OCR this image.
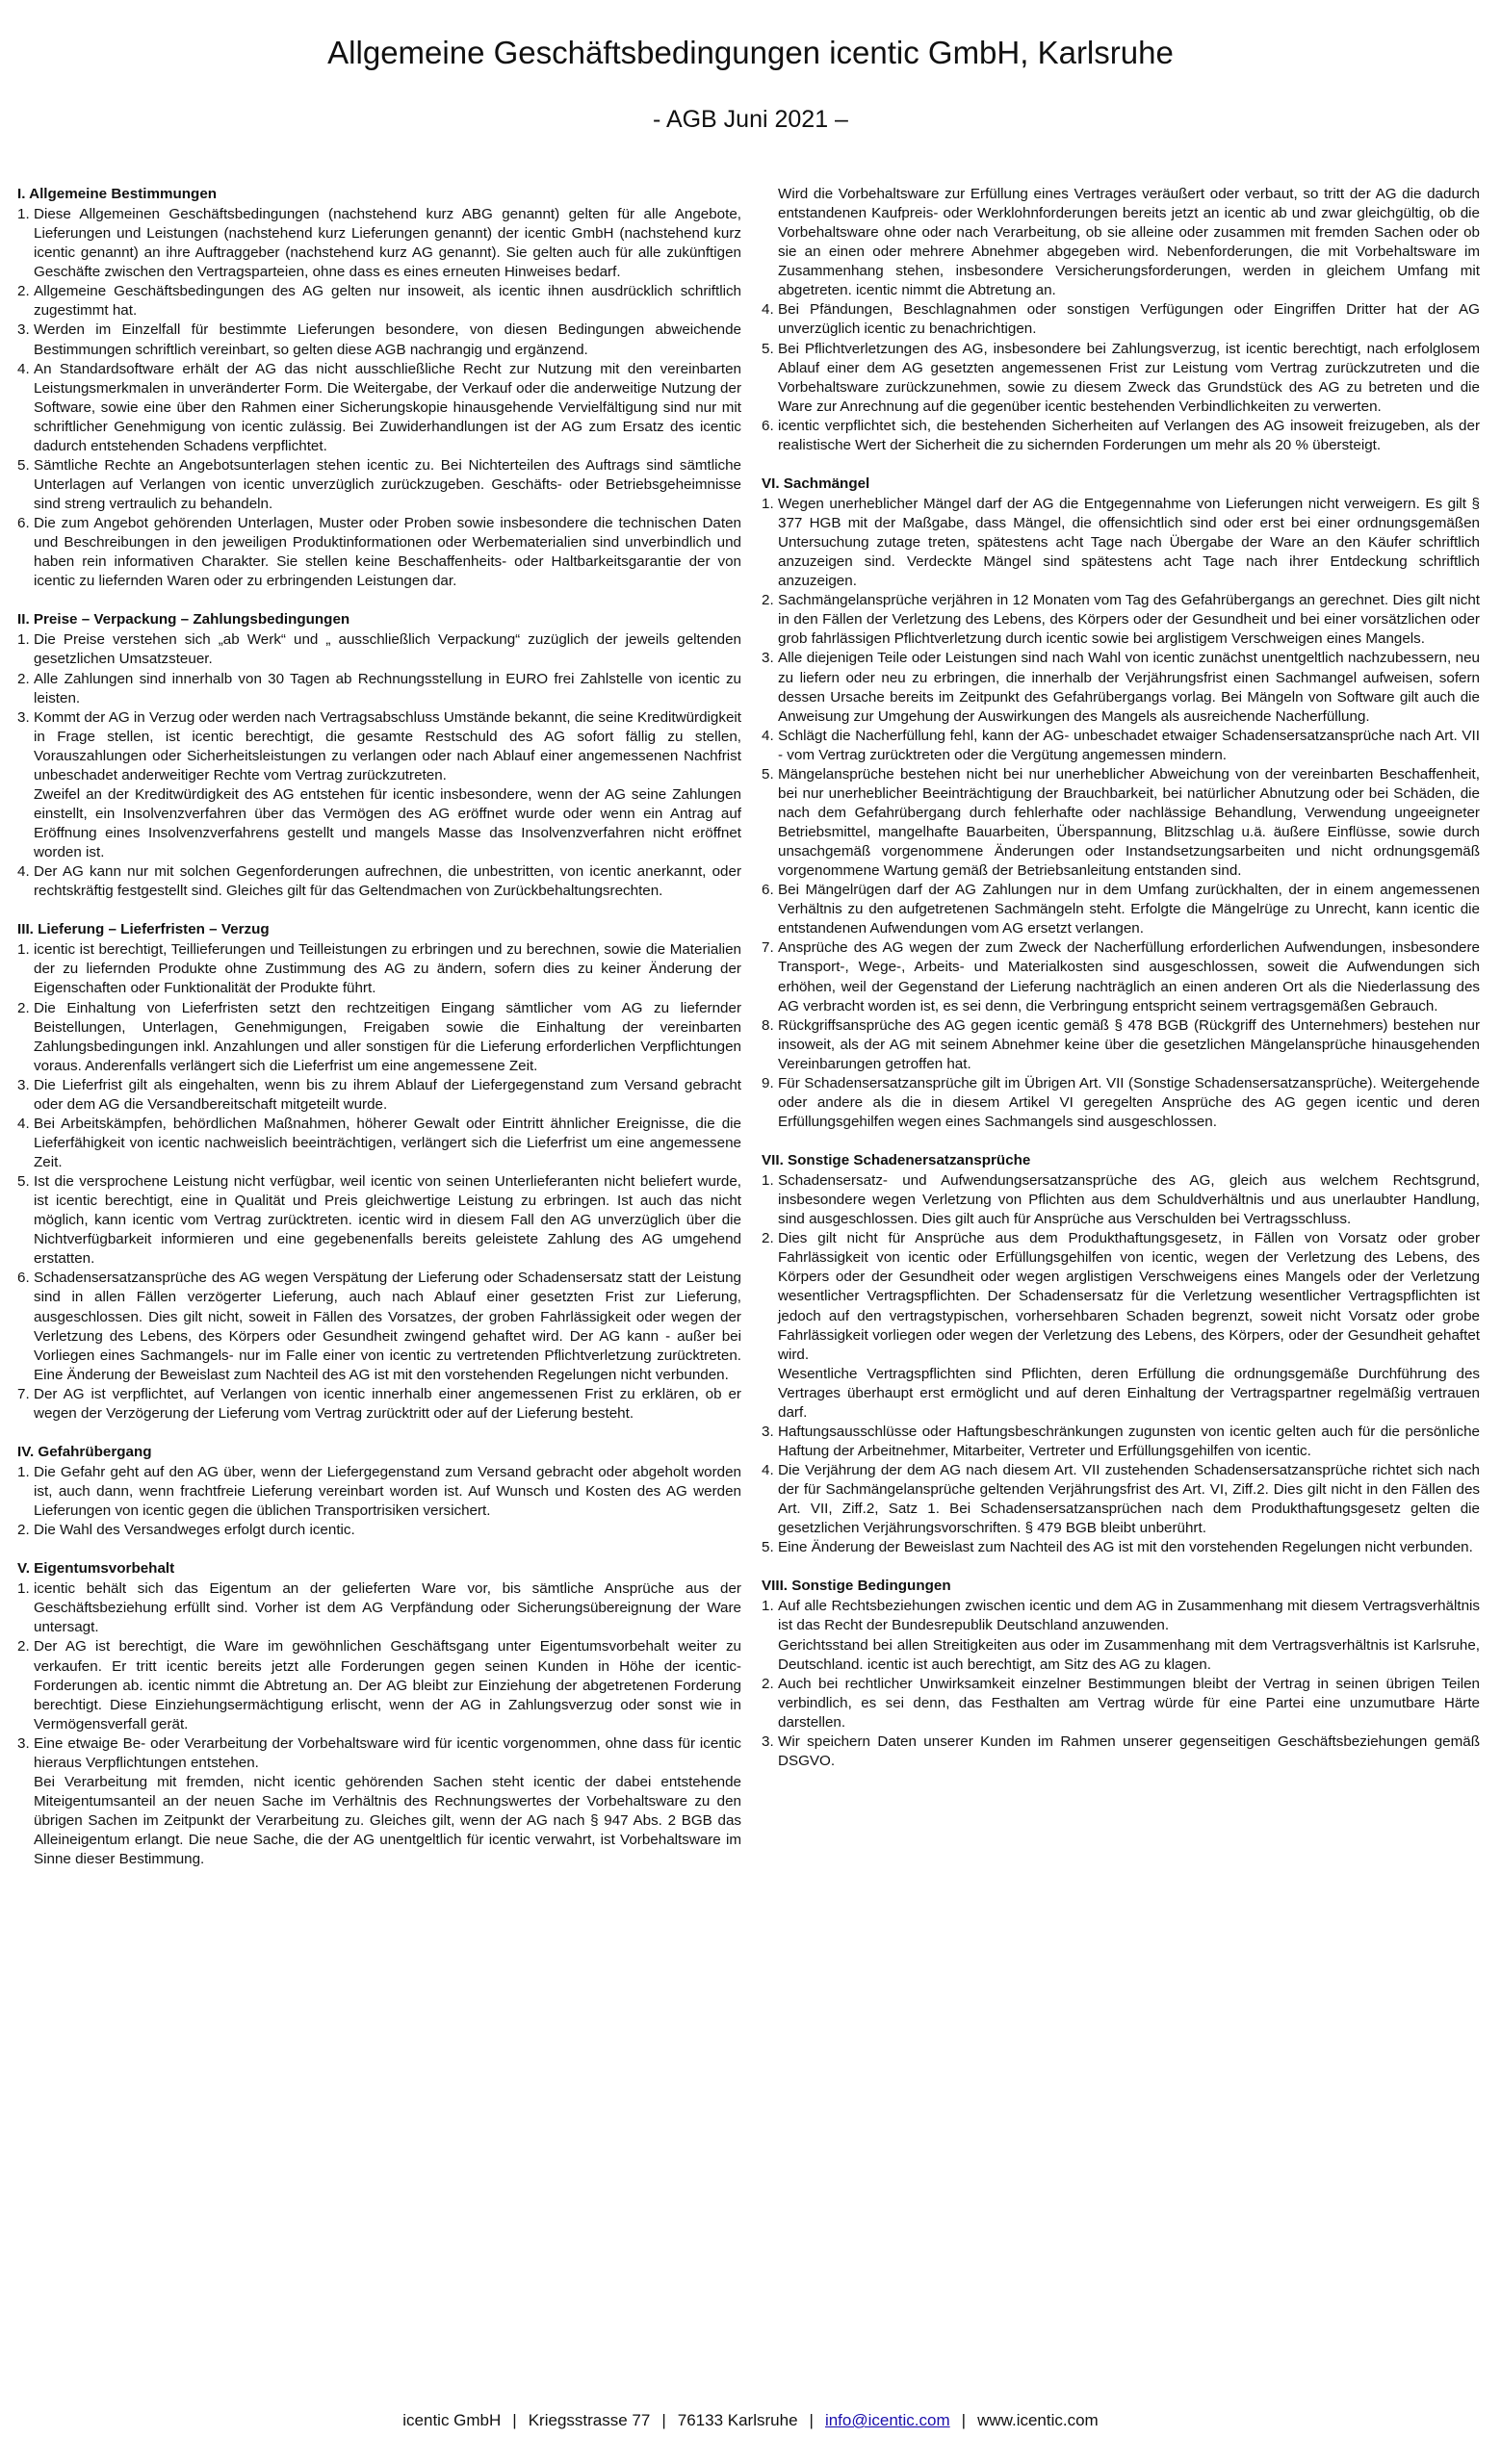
Allgemeine Geschäftsbedingungen icentic GmbH, Karlsruhe

- AGB Juni 2021 –

I. Allgemeine Bestimmungen
1. Diese Allgemeinen Geschäftsbedingungen (nachstehend kurz ABG genannt) gelten für alle Angebote, Lieferungen und Leistungen (nachstehend kurz Lieferungen genannt) der icentic GmbH (nachstehend kurz icentic genannt) an ihre Auftraggeber (nachstehend kurz AG genannt). Sie gelten auch für alle zukünftigen Geschäfte zwischen den Vertragsparteien, ohne dass es eines erneuten Hinweises bedarf.
2. Allgemeine Geschäftsbedingungen des AG gelten nur insoweit, als icentic ihnen ausdrücklich schriftlich zugestimmt hat.
3. Werden im Einzelfall für bestimmte Lieferungen besondere, von diesen Bedingungen abweichende Bestimmungen schriftlich vereinbart, so gelten diese AGB nachrangig und ergänzend.
4. An Standardsoftware erhält der AG das nicht ausschließliche Recht zur Nutzung mit den vereinbarten Leistungsmerkmalen in unveränderter Form. Die Weitergabe, der Verkauf oder die anderweitige Nutzung der Software, sowie eine über den Rahmen einer Sicherungskopie hinausgehende Vervielfältigung sind nur mit schriftlicher Genehmigung von icentic zulässig. Bei Zuwiderhandlungen ist der AG zum Ersatz des icentic dadurch entstehenden Schadens verpflichtet.
5. Sämtliche Rechte an Angebotsunterlagen stehen icentic zu. Bei Nichterteilen des Auftrags sind sämtliche Unterlagen auf Verlangen von icentic unverzüglich zurückzugeben. Geschäfts- oder Betriebsgeheimnisse sind streng vertraulich zu behandeln.
6. Die zum Angebot gehörenden Unterlagen, Muster oder Proben sowie insbesondere die technischen Daten und Beschreibungen in den jeweiligen Produktinformationen oder Werbematerialien sind unverbindlich und haben rein informativen Charakter. Sie stellen keine Beschaffenheits- oder Haltbarkeitsgarantie der von icentic zu liefernden Waren oder zu erbringenden Leistungen dar.
II. Preise – Verpackung – Zahlungsbedingungen
1. Die Preise verstehen sich „ab Werk“ und „ ausschließlich Verpackung“ zuzüglich der jeweils geltenden gesetzlichen Umsatzsteuer.
2. Alle Zahlungen sind innerhalb von 30 Tagen ab Rechnungsstellung in EURO frei Zahlstelle von icentic zu leisten.
3. Kommt der AG in Verzug oder werden nach Vertragsabschluss Umstände bekannt, die seine Kreditwürdigkeit in Frage stellen, ist icentic berechtigt, die gesamte Restschuld des AG sofort fällig zu stellen, Vorauszahlungen oder Sicherheitsleistungen zu verlangen oder nach Ablauf einer angemessenen Nachfrist unbeschadet anderweitiger Rechte vom Vertrag zurückzutreten.
Zweifel an der Kreditwürdigkeit des AG entstehen für icentic insbesondere, wenn der AG seine Zahlungen einstellt, ein Insolvenzverfahren über das Vermögen des AG eröffnet wurde oder wenn ein Antrag auf Eröffnung eines Insolvenzverfahrens gestellt und mangels Masse das Insolvenzverfahren nicht eröffnet worden ist.
4. Der AG kann nur mit solchen Gegenforderungen aufrechnen, die unbestritten, von icentic anerkannt, oder rechtskräftig festgestellt sind. Gleiches gilt für das Geltendmachen von Zurückbehaltungsrechten.
III. Lieferung – Lieferfristen – Verzug
1. icentic ist berechtigt, Teillieferungen und Teilleistungen zu erbringen und zu berechnen, sowie die Materialien der zu liefernden Produkte ohne Zustimmung des AG zu ändern, sofern dies zu keiner Änderung der Eigenschaften oder Funktionalität der Produkte führt.
2. Die Einhaltung von Lieferfristen setzt den rechtzeitigen Eingang sämtlicher vom AG zu liefernder Beistellungen, Unterlagen, Genehmigungen, Freigaben sowie die Einhaltung der vereinbarten Zahlungsbedingungen inkl. Anzahlungen und aller sonstigen für die Lieferung erforderlichen Verpflichtungen voraus. Anderenfalls verlängert sich die Lieferfrist um eine angemessene Zeit.
3. Die Lieferfrist gilt als eingehalten, wenn bis zu ihrem Ablauf der Liefergegenstand zum Versand gebracht oder dem AG die Versandbereitschaft mitgeteilt wurde.
4. Bei Arbeitskämpfen, behördlichen Maßnahmen, höherer Gewalt oder Eintritt ähnlicher Ereignisse, die die Lieferfähigkeit von icentic nachweislich beeinträchtigen, verlängert sich die Lieferfrist um eine angemessene Zeit.
5. Ist die versprochene Leistung nicht verfügbar, weil icentic von seinen Unterlieferanten nicht beliefert wurde, ist icentic berechtigt, eine in Qualität und Preis gleichwertige Leistung zu erbringen. Ist auch das nicht möglich, kann icentic vom Vertrag zurücktreten. icentic wird in diesem Fall den AG unverzüglich über die Nichtverfügbarkeit informieren und eine gegebenenfalls bereits geleistete Zahlung des AG umgehend erstatten.
6. Schadensersatzansprüche des AG wegen Verspätung der Lieferung oder Schadensersatz statt der Leistung sind in allen Fällen verzögerter Lieferung, auch nach Ablauf einer gesetzten Frist zur Lieferung, ausgeschlossen. Dies gilt nicht, soweit in Fällen des Vorsatzes, der groben Fahrlässigkeit oder wegen der Verletzung des Lebens, des Körpers oder Gesundheit zwingend gehaftet wird. Der AG kann - außer bei Vorliegen eines Sachmangels- nur im Falle einer von icentic zu vertretenden Pflichtverletzung zurücktreten. Eine Änderung der Beweislast zum Nachteil des AG ist mit den vorstehenden Regelungen nicht verbunden.
7. Der AG ist verpflichtet, auf Verlangen von icentic innerhalb einer angemessenen Frist zu erklären, ob er wegen der Verzögerung der Lieferung vom Vertrag zurücktritt oder auf der Lieferung besteht.
IV. Gefahrübergang
1. Die Gefahr geht auf den AG über, wenn der Liefergegenstand zum Versand gebracht oder abgeholt worden ist, auch dann, wenn frachtfreie Lieferung vereinbart worden ist. Auf Wunsch und Kosten des AG werden Lieferungen von icentic gegen die üblichen Transportrisiken versichert.
2. Die Wahl des Versandweges erfolgt durch icentic.
V. Eigentumsvorbehalt
1. icentic behält sich das Eigentum an der gelieferten Ware vor, bis sämtliche Ansprüche aus der Geschäftsbeziehung erfüllt sind. Vorher ist dem AG Verpfändung oder Sicherungsübereignung der Ware untersagt.
2. Der AG ist berechtigt, die Ware im gewöhnlichen Geschäftsgang unter Eigentumsvorbehalt weiter zu verkaufen. Er tritt icentic bereits jetzt alle Forderungen gegen seinen Kunden in Höhe der icentic- Forderungen ab. icentic nimmt die Abtretung an. Der AG bleibt zur Einziehung der abgetretenen Forderung berechtigt. Diese Einziehungsermächtigung erlischt, wenn der AG in Zahlungsverzug oder sonst wie in Vermögensverfall gerät.
3. Eine etwaige Be- oder Verarbeitung der Vorbehaltsware wird für icentic vorgenommen, ohne dass für icentic hieraus Verpflichtungen entstehen.
Bei Verarbeitung mit fremden, nicht icentic gehörenden Sachen steht icentic der dabei entstehende Miteigentumsanteil an der neuen Sache im Verhältnis des Rechnungswertes der Vorbehaltsware zu den übrigen Sachen im Zeitpunkt der Verarbeitung zu. Gleiches gilt, wenn der AG nach § 947 Abs. 2 BGB das Alleineigentum erlangt. Die neue Sache, die der AG unentgeltlich für icentic verwahrt, ist Vorbehaltsware im Sinne dieser Bestimmung.

Wird die Vorbehaltsware zur Erfüllung eines Vertrages veräußert oder verbaut, so tritt der AG die dadurch entstandenen Kaufpreis- oder Werklohnforderungen bereits jetzt an icentic ab und zwar gleichgültig, ob die Vorbehaltsware ohne oder nach Verarbeitung, ob sie alleine oder zusammen mit fremden Sachen oder ob sie an einen oder mehrere Abnehmer abgegeben wird. Nebenforderungen, die mit Vorbehaltsware im Zusammenhang stehen, insbesondere Versicherungsforderungen, werden in gleichem Umfang mit abgetreten. icentic nimmt die Abtretung an.

4. Bei Pfändungen, Beschlagnahmen oder sonstigen Verfügungen oder Eingriffen Dritter hat der AG unverzüglich icentic zu benachrichtigen.
5. Bei Pflichtverletzungen des AG, insbesondere bei Zahlungsverzug, ist icentic berechtigt, nach erfolglosem Ablauf einer dem AG gesetzten angemessenen Frist zur Leistung vom Vertrag zurückzutreten und die Vorbehaltsware zurückzunehmen, sowie zu diesem Zweck das Grundstück des AG zu betreten und die Ware zur Anrechnung auf die gegenüber icentic bestehenden Verbindlichkeiten zu verwerten.
6. icentic verpflichtet sich, die bestehenden Sicherheiten auf Verlangen des AG insoweit freizugeben, als der realistische Wert der Sicherheit die zu sichernden Forderungen um mehr als 20 % übersteigt.
VI. Sachmängel
1. Wegen unerheblicher Mängel darf der AG die Entgegennahme von Lieferungen nicht verweigern. Es gilt § 377 HGB mit der Maßgabe, dass Mängel, die offensichtlich sind oder erst bei einer ordnungsgemäßen Untersuchung zutage treten, spätestens acht Tage nach Übergabe der Ware an den Käufer schriftlich anzuzeigen sind. Verdeckte Mängel sind spätestens acht Tage nach ihrer Entdeckung schriftlich anzuzeigen.
2. Sachmängelansprüche verjähren in 12 Monaten vom Tag des Gefahrübergangs an gerechnet. Dies gilt nicht in den Fällen der Verletzung des Lebens, des Körpers oder der Gesundheit und bei einer vorsätzlichen oder grob fahrlässigen Pflichtverletzung durch icentic sowie bei arglistigem Verschweigen eines Mangels.
3. Alle diejenigen Teile oder Leistungen sind nach Wahl von icentic zunächst unentgeltlich nachzubessern, neu zu liefern oder neu zu erbringen, die innerhalb der Verjährungsfrist einen Sachmangel aufweisen, sofern dessen Ursache bereits im Zeitpunkt des Gefahrübergangs vorlag. Bei Mängeln von Software gilt auch die Anweisung zur Umgehung der Auswirkungen des Mangels als ausreichende Nacherfüllung.
4. Schlägt die Nacherfüllung fehl, kann der AG- unbeschadet etwaiger Schadensersatzansprüche nach Art. VII - vom Vertrag zurücktreten oder die Vergütung angemessen mindern.
5. Mängelansprüche bestehen nicht bei nur unerheblicher Abweichung von der vereinbarten Beschaffenheit, bei nur unerheblicher Beeinträchtigung der Brauchbarkeit, bei natürlicher Abnutzung oder bei Schäden, die nach dem Gefahrübergang durch fehlerhafte oder nachlässige Behandlung, Verwendung ungeeigneter Betriebsmittel, mangelhafte Bauarbeiten, Überspannung, Blitzschlag u.ä. äußere Einflüsse, sowie durch unsachgemäß vorgenommene Änderungen oder Instandsetzungsarbeiten und nicht ordnungsgemäß vorgenommene Wartung gemäß der Betriebsanleitung entstanden sind.
6. Bei Mängelrügen darf der AG Zahlungen nur in dem Umfang zurückhalten, der in einem angemessenen Verhältnis zu den aufgetretenen Sachmängeln steht. Erfolgte die Mängelrüge zu Unrecht, kann icentic die entstandenen Aufwendungen vom AG ersetzt verlangen.
7. Ansprüche des AG wegen der zum Zweck der Nacherfüllung erforderlichen Aufwendungen, insbesondere Transport-, Wege-, Arbeits- und Materialkosten sind ausgeschlossen, soweit die Aufwendungen sich erhöhen, weil der Gegenstand der Lieferung nachträglich an einen anderen Ort als die Niederlassung des AG verbracht worden ist, es sei denn, die Verbringung entspricht seinem vertragsgemäßen Gebrauch.
8. Rückgriffsansprüche des AG gegen icentic gemäß § 478 BGB (Rückgriff des Unternehmers) bestehen nur insoweit, als der AG mit seinem Abnehmer keine über die gesetzlichen Mängelansprüche hinausgehenden Vereinbarungen getroffen hat.
9. Für Schadensersatzansprüche gilt im Übrigen Art. VII (Sonstige Schadensersatzansprüche). Weitergehende oder andere als die in diesem Artikel VI geregelten Ansprüche des AG gegen icentic und deren Erfüllungsgehilfen wegen eines Sachmangels sind ausgeschlossen.
VII. Sonstige Schadenersatzansprüche
1. Schadensersatz- und Aufwendungsersatzansprüche des AG, gleich aus welchem Rechtsgrund, insbesondere wegen Verletzung von Pflichten aus dem Schuldverhältnis und aus unerlaubter Handlung, sind ausgeschlossen. Dies gilt auch für Ansprüche aus Verschulden bei Vertragsschluss.
2. Dies gilt nicht für Ansprüche aus dem Produkthaftungsgesetz, in Fällen von Vorsatz oder grober Fahrlässigkeit von icentic oder Erfüllungsgehilfen von icentic, wegen der Verletzung des Lebens, des Körpers oder der Gesundheit oder wegen arglistigen Verschweigens eines Mangels oder der Verletzung wesentlicher Vertragspflichten. Der Schadensersatz für die Verletzung wesentlicher Vertragspflichten ist jedoch auf den vertragstypischen, vorhersehbaren Schaden begrenzt, soweit nicht Vorsatz oder grobe Fahrlässigkeit vorliegen oder wegen der Verletzung des Lebens, des Körpers, oder der Gesundheit gehaftet wird.
Wesentliche Vertragspflichten sind Pflichten, deren Erfüllung die ordnungsgemäße Durchführung des Vertrages überhaupt erst ermöglicht und auf deren Einhaltung der Vertragspartner regelmäßig vertrauen darf.
3. Haftungsausschlüsse oder Haftungsbeschränkungen zugunsten von icentic gelten auch für die persönliche Haftung der Arbeitnehmer, Mitarbeiter, Vertreter und Erfüllungsgehilfen von icentic.
4. Die Verjährung der dem AG nach diesem Art. VII zustehenden Schadensersatzansprüche richtet sich nach der für Sachmängelansprüche geltenden Verjährungsfrist des Art. VI, Ziff.2. Dies gilt nicht in den Fällen des Art. VII, Ziff.2, Satz 1. Bei Schadensersatzansprüchen nach dem Produkthaftungsgesetz gelten die gesetzlichen Verjährungsvorschriften. § 479 BGB bleibt unberührt.
5. Eine Änderung der Beweislast zum Nachteil des AG ist mit den vorstehenden Regelungen nicht verbunden.
VIII. Sonstige Bedingungen
1. Auf alle Rechtsbeziehungen zwischen icentic und dem AG in Zusammenhang mit diesem Vertragsverhältnis ist das Recht der Bundesrepublik Deutschland anzuwenden.
Gerichtsstand bei allen Streitigkeiten aus oder im Zusammenhang mit dem Vertragsverhältnis ist Karlsruhe, Deutschland. icentic ist auch berechtigt, am Sitz des AG zu klagen.
2. Auch bei rechtlicher Unwirksamkeit einzelner Bestimmungen bleibt der Vertrag in seinen übrigen Teilen verbindlich, es sei denn, das Festhalten am Vertrag würde für eine Partei eine unzumutbare Härte darstellen.
3. Wir speichern Daten unserer Kunden im Rahmen unserer gegenseitigen Geschäftsbeziehungen gemäß DSGVO.
icentic GmbH | Kriegsstrasse 77 | 76133 Karlsruhe | info@icentic.com | www.icentic.com
